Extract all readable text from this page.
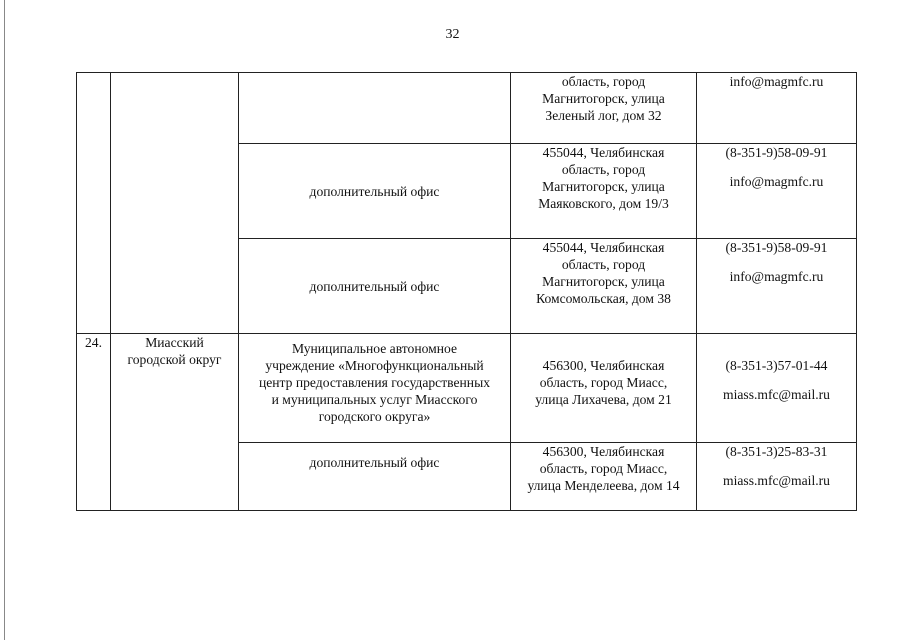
32

			область, город
Магнитогорск, улица
Зеленый лог, дом 32	info@magmfc.ru

		дополнительный офис	455044, Челябинская
область, город
Магнитогорск, улица
Маяковского, дом 19/3	(8-351-9)58-09-91
info@magmfc.ru

		дополнительный офис	455044, Челябинская
область, город
Магнитогорск, улица
Комсомольская, дом 38	(8-351-9)58-09-91
info@magmfc.ru

24.	Миасский
городской округ	Муниципальное автономное
учреждение «Многофункциональный
центр предоставления государственных
и муниципальных услуг Миасского
городского округа»	456300, Челябинская
область, город Миасс,
улица Лихачева, дом 21	(8-351-3)57-01-44
miass.mfc@mail.ru

		дополнительный офис	456300, Челябинская
область, город Миасс,
улица Менделеева, дом 14	(8-351-3)25-83-31
miass.mfc@mail.ru
